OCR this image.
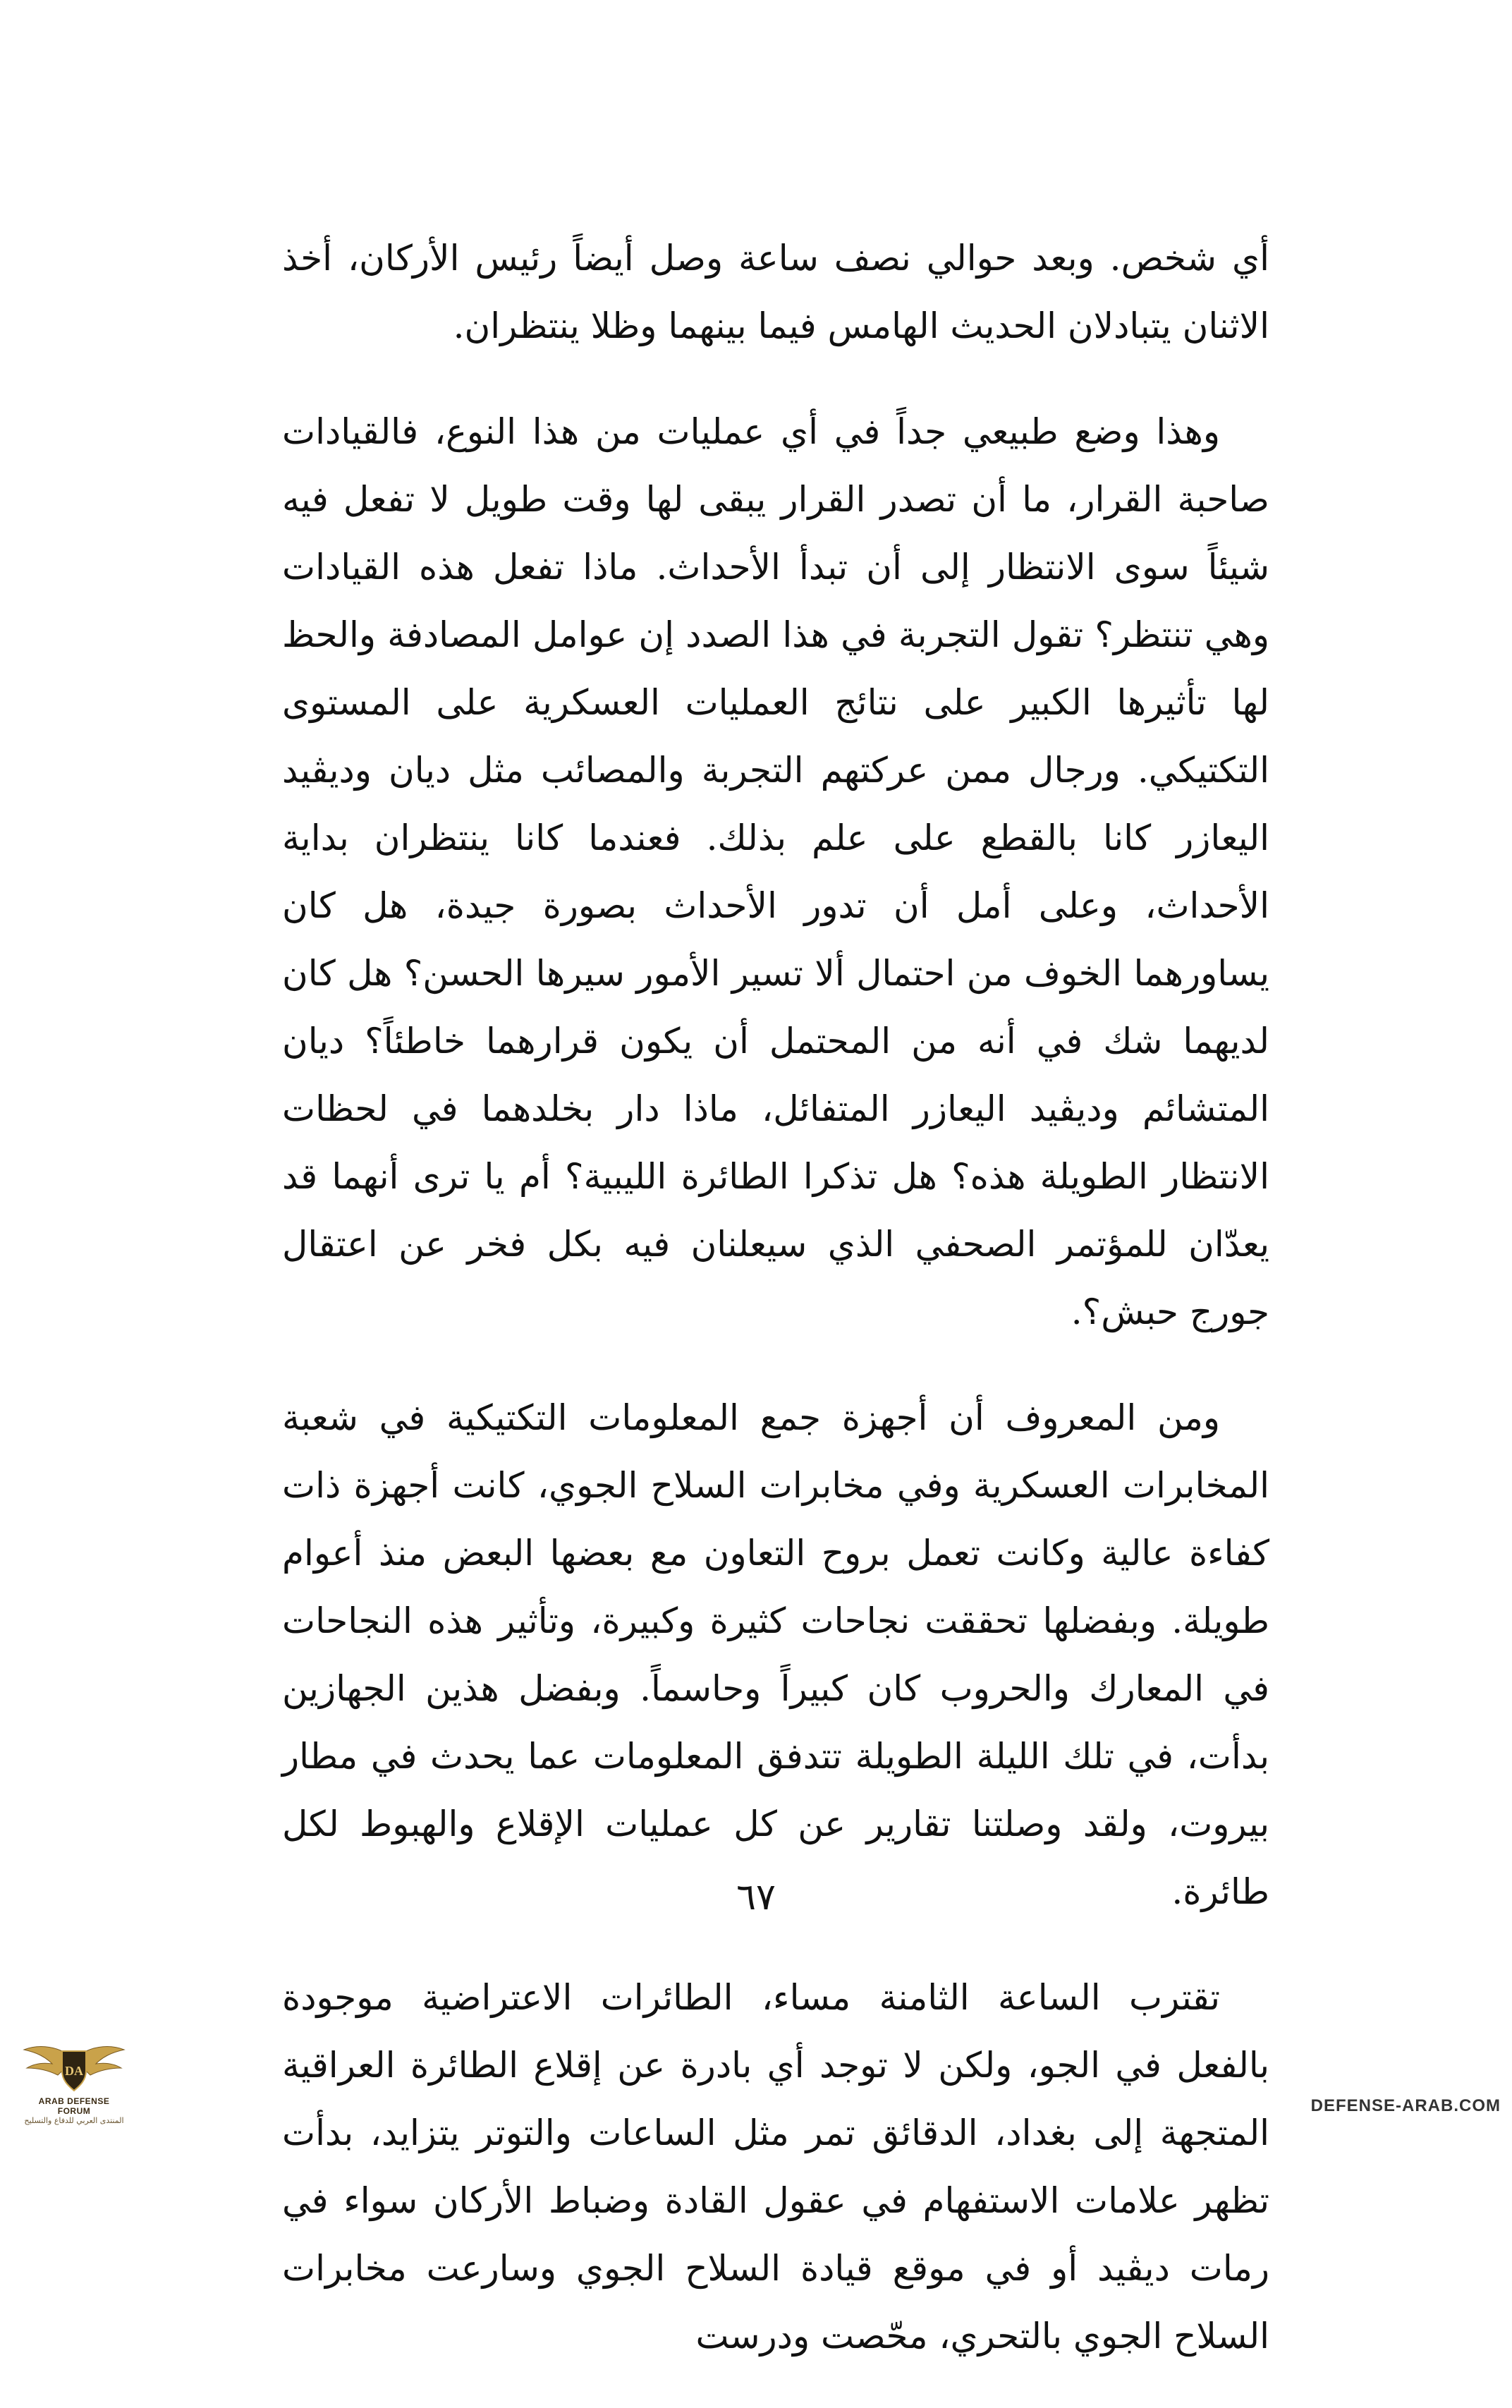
أي شخص. وبعد حوالي نصف ساعة وصل أيضاً رئيس الأركان، أخذ الاثنان يتبادلان الحديث الهامس فيما بينهما وظلا ينتظران.

وهذا وضع طبيعي جداً في أي عمليات من هذا النوع، فالقيادات صاحبة القرار، ما أن تصدر القرار يبقى لها وقت طويل لا تفعل فيه شيئاً سوى الانتظار إلى أن تبدأ الأحداث. ماذا تفعل هذه القيادات وهي تنتظر؟ تقول التجربة في هذا الصدد إن عوامل المصادفة والحظ لها تأثيرها الكبير على نتائج العمليات العسكرية على المستوى التكتيكي. ورجال ممن عركتهم التجربة والمصائب مثل ديان وديڤيد اليعازر كانا بالقطع على علم بذلك. فعندما كانا ينتظران بداية الأحداث، وعلى أمل أن تدور الأحداث بصورة جيدة، هل كان يساورهما الخوف من احتمال ألا تسير الأمور سيرها الحسن؟ هل كان لديهما شك في أنه من المحتمل أن يكون قرارهما خاطئاً؟ ديان المتشائم وديڤيد اليعازر المتفائل، ماذا دار بخلدهما في لحظات الانتظار الطويلة هذه؟ هل تذكرا الطائرة الليبية؟ أم يا ترى أنهما قد يعدّان للمؤتمر الصحفي الذي سيعلنان فيه بكل فخر عن اعتقال جورج حبش؟.

ومن المعروف أن أجهزة جمع المعلومات التكتيكية في شعبة المخابرات العسكرية وفي مخابرات السلاح الجوي، كانت أجهزة ذات كفاءة عالية وكانت تعمل بروح التعاون مع بعضها البعض منذ أعوام طويلة. وبفضلها تحققت نجاحات كثيرة وكبيرة، وتأثير هذه النجاحات في المعارك والحروب كان كبيراً وحاسماً. وبفضل هذين الجهازين بدأت، في تلك الليلة الطويلة تتدفق المعلومات عما يحدث في مطار بيروت، ولقد وصلتنا تقارير عن كل عمليات الإقلاع والهبوط لكل طائرة.

تقترب الساعة الثامنة مساء، الطائرات الاعتراضية موجودة بالفعل في الجو، ولكن لا توجد أي بادرة عن إقلاع الطائرة العراقية المتجهة إلى بغداد، الدقائق تمر مثل الساعات والتوتر يتزايد، بدأت تظهر علامات الاستفهام في عقول القادة وضباط الأركان سواء في رمات ديڤيد أو في موقع قيادة السلاح الجوي وسارعت مخابرات السلاح الجوي بالتحري، محّصت ودرست

٦٧
DA
ARAB DEFENSE FORUM
المنتدى العربي للدفاع والتسليح
DEFENSE-ARAB.COM
